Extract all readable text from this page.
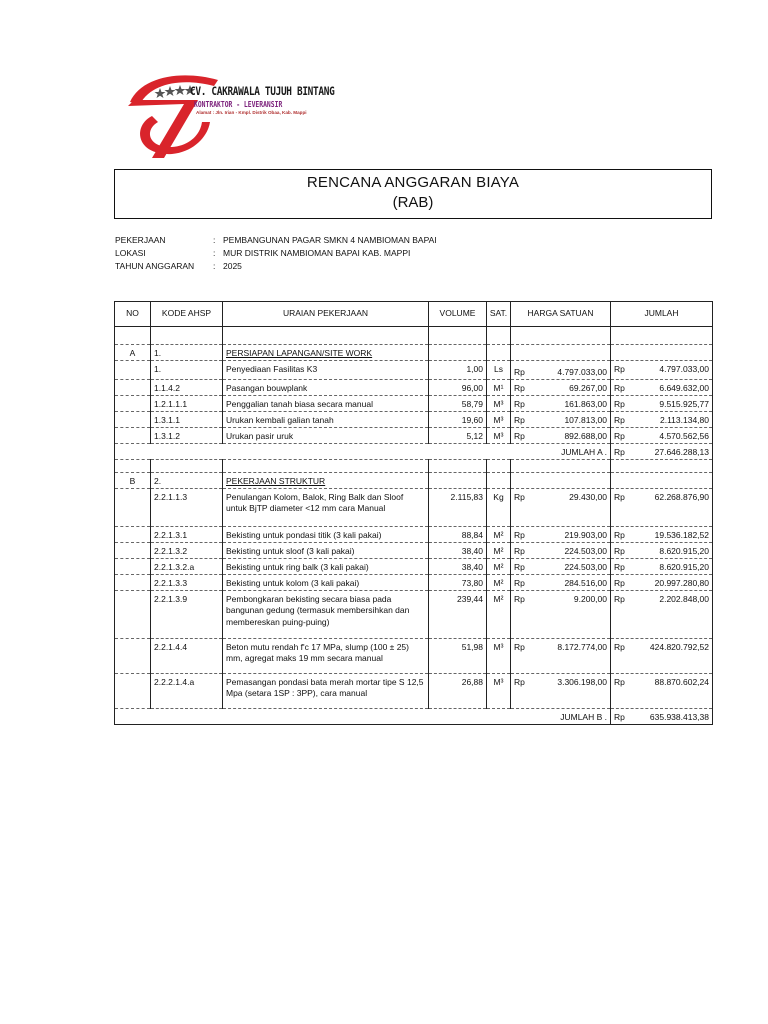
CV. CAKRAWALA TUJUH BINTANG
KONTRAKTOR - LEVERANSIR
Alamat : Jln. Irian - Kmpl. Distrik Obaa, Kab. Mappi
RENCANA ANGGARAN BIAYA
(RAB)
PEKERJAAN	: PEMBANGUNAN PAGAR SMKN 4 NAMBIOMAN BAPAI
LOKASI	: MUR DISTRIK NAMBIOMAN BAPAI KAB. MAPPI
TAHUN ANGGARAN	: 2025
NO	KODE AHSP	URAIAN PEKERJAAN	VOLUME	SAT.	HARGA SATUAN	JUMLAH

A	1.	PERSIAPAN LAPANGAN/SITE WORK				
	1.	Penyediaan Fasilitas K3	1,00	Ls	Rp 4.797.033,00	Rp 4.797.033,00

	1.1.4.2	Pasangan bouwplank	96,00	M¹	Rp 69.267,00	Rp 6.649.632,00

	1.2.1.1.1	Penggalian tanah biasa secara manual	58,79	M³	Rp 161.863,00	Rp 9.515.925,77

	1.3.1.1	Urukan kembali galian tanah	19,60	M³	Rp 107.813,00	Rp 2.113.134,80

	1.3.1.2	Urukan pasir uruk	5,12	M³	Rp 892.688,00	Rp 4.570.562,56

					JUMLAH A .	Rp 27.646.288,13

B	2.	PEKERJAAN STRUKTUR				
	2.2.1.1.3	Penulangan Kolom, Balok, Ring Balk dan Sloof untuk BjTP diameter <12 mm cara Manual	2.115,83	Kg	Rp 29.430,00	Rp 62.268.876,90

	2.2.1.3.1	Bekisting untuk pondasi titik (3 kali pakai)	88,84	M²	Rp 219.903,00	Rp 19.536.182,52

	2.2.1.3.2	Bekisting untuk sloof (3 kali pakai)	38,40	M²	Rp 224.503,00	Rp 8.620.915,20

	2.2.1.3.2.a	Bekisting untuk ring balk (3 kali pakai)	38,40	M²	Rp 224.503,00	Rp 8.620.915,20

	2.2.1.3.3	Bekisting untuk kolom (3 kali pakai)	73,80	M²	Rp 284.516,00	Rp 20.997.280,80

	2.2.1.3.9	Pembongkaran bekisting secara biasa pada bangunan gedung (termasuk membersihkan dan membereskan puing-puing)	239,44	M²	Rp 9.200,00	Rp 2.202.848,00

	2.2.1.4.4	Beton mutu rendah f'c 17 MPa, slump (100 ± 25) mm, agregat maks 19 mm secara manual	51,98	M³	Rp 8.172.774,00	Rp 424.820.792,52

	2.2.2.1.4.a	Pemasangan pondasi bata merah mortar tipe S 12,5 Mpa (setara 1SP : 3PP), cara manual	26,88	M³	Rp 3.306.198,00	Rp 88.870.602,24

					JUMLAH B .	Rp 635.938.413,38
